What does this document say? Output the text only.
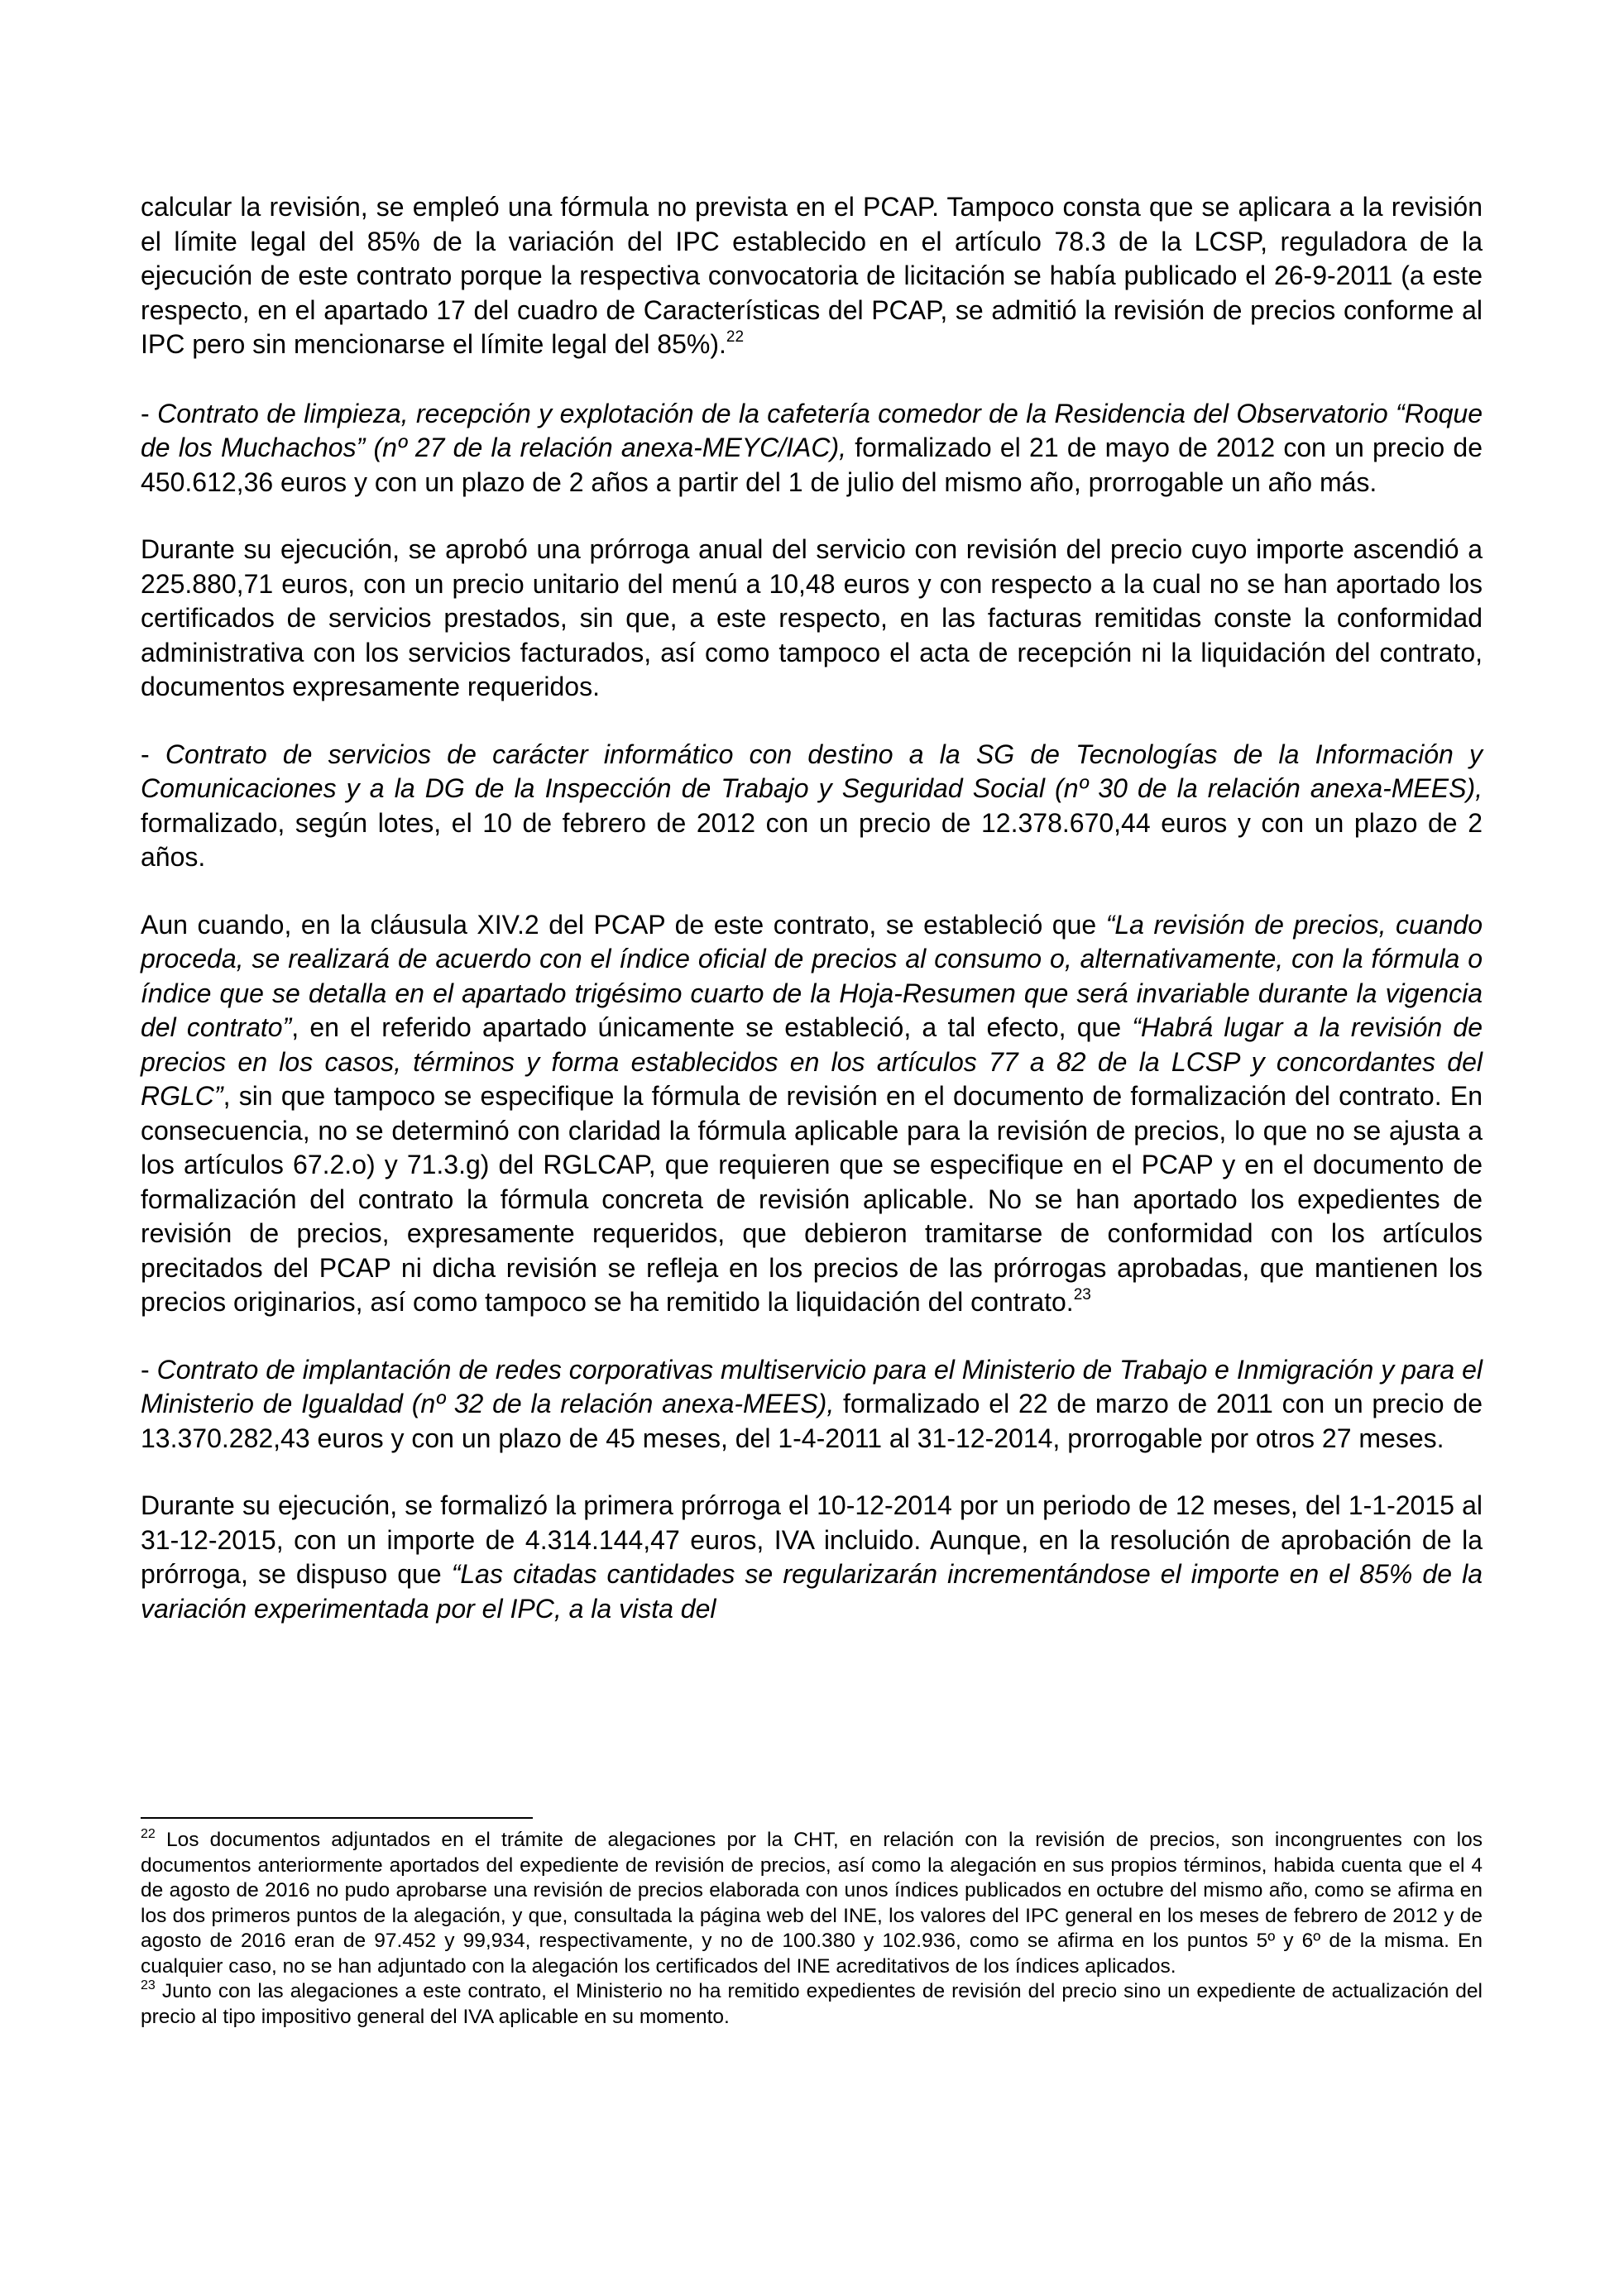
calcular la revisión, se empleó una fórmula no prevista en el PCAP. Tampoco consta que se aplicara a la revisión el límite legal del 85% de la variación del IPC establecido en el artículo 78.3 de la LCSP, reguladora de la ejecución de este contrato porque la respectiva convocatoria de licitación se había publicado el 26-9-2011 (a este respecto, en el apartado 17 del cuadro de Características del PCAP, se admitió la revisión de precios conforme al IPC pero sin mencionarse el límite legal del 85%).$^{22}$

- Contrato de limpieza, recepción y explotación de la cafetería comedor de la Residencia del Observatorio “Roque de los Muchachos” (nº 27 de la relación anexa-MEYC/IAC), formalizado el 21 de mayo de 2012 con un precio de 450.612,36 euros y con un plazo de 2 años a partir del 1 de julio del mismo año, prorrogable un año más.

Durante su ejecución, se aprobó una prórroga anual del servicio con revisión del precio cuyo importe ascendió a 225.880,71 euros, con un precio unitario del menú a 10,48 euros y con respecto a la cual no se han aportado los certificados de servicios prestados, sin que, a este respecto, en las facturas remitidas conste la conformidad administrativa con los servicios facturados, así como tampoco el acta de recepción ni la liquidación del contrato, documentos expresamente requeridos.

- Contrato de servicios de carácter informático con destino a la SG de Tecnologías de la Información y Comunicaciones y a la DG de la Inspección de Trabajo y Seguridad Social (nº 30 de la relación anexa-MEES), formalizado, según lotes, el 10 de febrero de 2012 con un precio de 12.378.670,44 euros y con un plazo de 2 años.

Aun cuando, en la cláusula XIV.2 del PCAP de este contrato, se estableció que “La revisión de precios, cuando proceda, se realizará de acuerdo con el índice oficial de precios al consumo o, alternativamente, con la fórmula o índice que se detalla en el apartado trigésimo cuarto de la Hoja-Resumen que será invariable durante la vigencia del contrato”, en el referido apartado únicamente se estableció, a tal efecto, que “Habrá lugar a la revisión de precios en los casos, términos y forma establecidos en los artículos 77 a 82 de la LCSP y concordantes del RGLC”, sin que tampoco se especifique la fórmula de revisión en el documento de formalización del contrato. En consecuencia, no se determinó con claridad la fórmula aplicable para la revisión de precios, lo que no se ajusta a los artículos 67.2.o) y 71.3.g) del RGLCAP, que requieren que se especifique en el PCAP y en el documento de formalización del contrato la fórmula concreta de revisión aplicable. No se han aportado los expedientes de revisión de precios, expresamente requeridos, que debieron tramitarse de conformidad con los artículos precitados del PCAP ni dicha revisión se refleja en los precios de las prórrogas aprobadas, que mantienen los precios originarios, así como tampoco se ha remitido la liquidación del contrato.$^{23}$

- Contrato de implantación de redes corporativas multiservicio para el Ministerio de Trabajo e Inmigración y para el Ministerio de Igualdad (nº 32 de la relación anexa-MEES), formalizado el 22 de marzo de 2011 con un precio de 13.370.282,43 euros y con un plazo de 45 meses, del 1-4-2011 al 31-12-2014, prorrogable por otros 27 meses.

Durante su ejecución, se formalizó la primera prórroga el 10-12-2014 por un periodo de 12 meses, del 1-1-2015 al 31-12-2015, con un importe de 4.314.144,47 euros, IVA incluido. Aunque, en la resolución de aprobación de la prórroga, se dispuso que “Las citadas cantidades se regularizarán incrementándose el importe en el 85% de la variación experimentada por el IPC, a la vista del

$^{22}$ Los documentos adjuntados en el trámite de alegaciones por la CHT, en relación con la revisión de precios, son incongruentes con los documentos anteriormente aportados del expediente de revisión de precios, así como la alegación en sus propios términos, habida cuenta que el 4 de agosto de 2016 no pudo aprobarse una revisión de precios elaborada con unos índices publicados en octubre del mismo año, como se afirma en los dos primeros puntos de la alegación, y que, consultada la página web del INE, los valores del IPC general en los meses de febrero de 2012 y de agosto de 2016 eran de 97.452 y 99,934, respectivamente, y no de 100.380 y 102.936, como se afirma en los puntos 5º y 6º de la misma. En cualquier caso, no se han adjuntado con la alegación los certificados del INE acreditativos de los índices aplicados.

$^{23}$ Junto con las alegaciones a este contrato, el Ministerio no ha remitido expedientes de revisión del precio sino un expediente de actualización del precio al tipo impositivo general del IVA aplicable en su momento.
